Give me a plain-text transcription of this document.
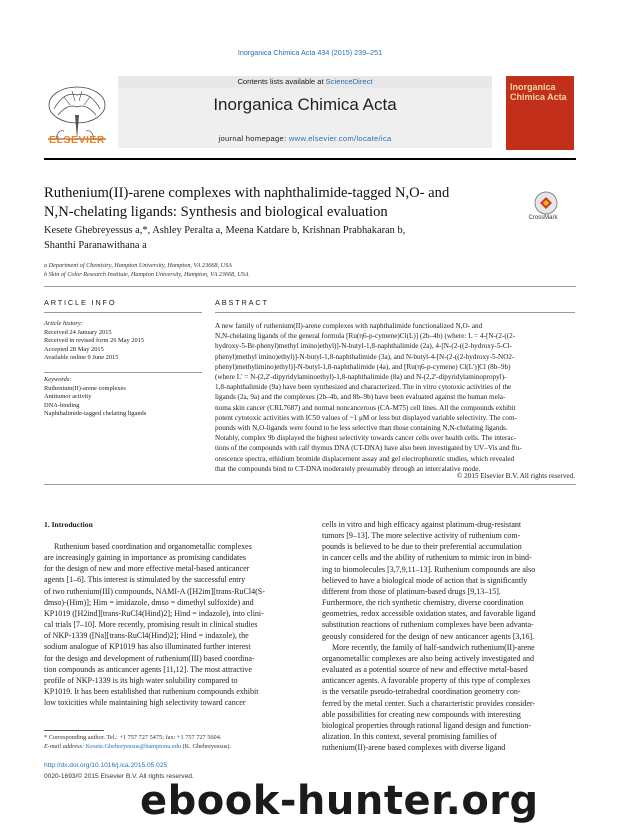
Inorganica Chimica Acta 434 (2015) 239–251
ELSEVIER
Contents lists available at ScienceDirect
Inorganica Chimica Acta
journal homepage: www.elsevier.com/locate/ica
Inorganica Chimica Acta
Ruthenium(II)-arene complexes with naphthalimide-tagged N,O- and
N,N-chelating ligands: Synthesis and biological evaluation	CrossMark
Kesete Ghebreyessus a,*, Ashley Peralta a, Meena Katdare b, Krishnan Prabhakaran b,
Shanthi Paranawithana a
a Department of Chemistry, Hampton University, Hampton, VA 23668, USA
b Skin of Color Research Institute, Hampton University, Hampton, VA 23668, USA
ARTICLE INFO
Article history:
Received 24 January 2015
Received in revised form 26 May 2015
Accepted 28 May 2015
Available online 9 June 2015
Keywords:
Ruthenium(II)-arene complexes
Antitumor activity
DNA-binding
Naphthalimide-tagged chelating ligands
ABSTRACT
A new family of ruthenium(II)-arene complexes with naphthalimide functionalized N,O- and
N,N-chelating ligands of the general formula [Ru(η6-p-cymene)Cl(L)] (2b–4b) (where: L = 4-[N-(2-((2-
hydroxy-5-Br-phenyl)methyl imino)ethyl)]-N-butyl-1,8-naphthalimide (2a), 4-[N-(2-((2-hydroxy-5-Cl-
phenyl)methyl imino)ethyl)]-N-butyl-1,8-naphthalimide (3a), and N-butyl-4-[N-(2-((2-hydroxy-5-NO2-
phenyl)methylimino)ethyl)]-N-butyl-1,8-naphthalimide (4a), and [Ru(η6-p-cymene) Cl(L')]Cl (8b–9b)
(where L' = N-(2,2'-dipyridylaminoethyl)-1,8-naphthalimide (8a) and N-(2,2'-dipyridylaminopropyl)-
1,8-naphthalimide (9a) have been synthesized and characterized. The in vitro cytotoxic activities of the
ligands (2a, 9a) and the complexes (2b–4b, and 8b–9b) have been evaluated against the human mela-
noma skin cancer (CRL7687) and normal noncancerous (CA-M75) cell lines. All the compounds exhibit
potent cytotoxic activities with IC50 values of ~1 μM or less but displayed variable selectivity. The com-
pounds with N,O-ligands were found to be less selective than those containing N,N-chelating ligands.
Notably, complex 9b displayed the highest selectivity towards cancer cells over health cells. The interac-
tions of the compounds with calf thymus DNA (CT-DNA) have also been investigated by UV–Vis and flu-
orescence spectra, ethidium bromide displacement assay and gel electrophoretic studies, which revealed
that the compounds bind to CT-DNA moderately presumably through an intercalative mode.
© 2015 Elsevier B.V. All rights reserved.
1. Introduction
Ruthenium based coordination and organometallic complexes
are increasingly gaining in importance as promising candidates
for the design of new and more effective metal-based anticancer
agents [1–6]. This interest is stimulated by the successful entry
of two ruthenium(III) compounds, NAMI-A ([H2im][trans-RuCl4(S-
dmso)-(Him)]; Him = imidazole, dmso = dimethyl sulfoxide) and
KP1019 ([H2ind][trans-RuCl4(Hind)2]; Hind = indazole), into clini-
cal trials [7–10]. More recently, promising result in clinical studies
of NKP-1339 ([Na][trans-RuCl4(Hind)2]; Hind = indazole), the
sodium analogue of KP1019 has also illuminated further interest
for the design and development of ruthenium(III) based coordina-
tion compounds as anticancer agents [11,12]. The most attractive
profile of NKP-1339 is its high water solubility compared to
KP1019. It has been established that ruthenium compounds exhibit
low toxicities while maintaining high selectivity toward cancer
cells in vitro and high efficacy against platinum-drug-resistant
tumors [9–13]. The more selective activity of ruthenium com-
pounds is believed to be due to their preferential accumulation
in cancer cells and the ability of ruthenium to mimic iron in bind-
ing to biomolecules [3,7,9,11–13]. Ruthenium compounds are also
believed to have a biological mode of action that is significantly
different from those of platinum-based drugs [9,13–15].
Furthermore, the rich synthetic chemistry, diverse coordination
geometries, redox accessible oxidation states, and favorable ligand
substitution reactions of ruthenium complexes have been advanta-
geously considered for the design of new anticancer agents [3,16].
More recently, the family of half-sandwich ruthenium(II)-arene
organometallic complexes are also being actively investigated and
evaluated as a potential source of new and effective metal-based
anticancer agents. A favorable property of this type of complexes
is the versatile pseudo-tetrahedral coordination geometry con-
ferred by the metal center. Such a characteristic provides consider-
able possibilities for creating new compounds with interesting
biological properties through rational ligand design and function-
alization. In this context, several promising families of
ruthenium(II)-arene based complexes with diverse ligand
* Corresponding author. Tel.: +1 757 727 5475; fax: +1 757 727 5604.
E-mail address: Kesete.Ghebreyessus@hamptonu.edu (K. Ghebreyessus).
http://dx.doi.org/10.1016/j.ica.2015.05.025
0020-1693/© 2015 Elsevier B.V. All rights reserved.
ebook-hunter.org
